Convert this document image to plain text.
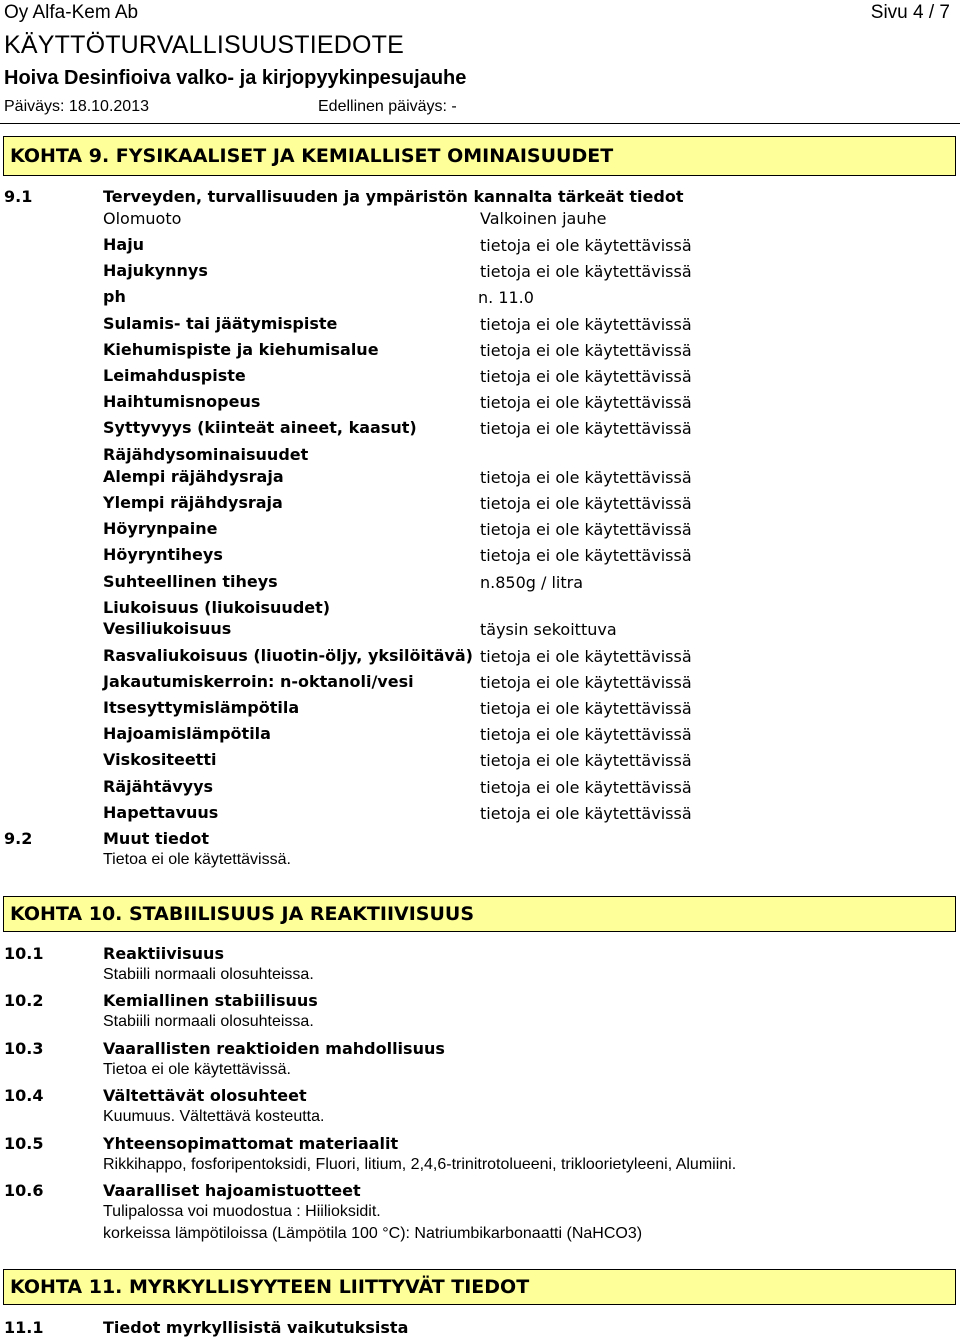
Oy Alfa-Kem Ab	Sivu 4 / 7
KÄYTTÖTURVALLISUUSTIEDOTE
Hoiva Desinfioiva valko- ja kirjopyykinpesujauhe
Päiväys: 18.10.2013	Edellinen päiväys: -
KOHTA 9. FYSIKAALISET JA KEMIALLISET OMINAISUUDET
9.1	Terveyden, turvallisuuden ja ympäristön kannalta tärkeät tiedot
Olomuoto	Valkoinen jauhe
Haju	tietoja ei ole käytettävissä
Hajukynnys	tietoja ei ole käytettävissä
ph	n. 11.0
Sulamis- tai jäätymispiste	tietoja ei ole käytettävissä
Kiehumispiste ja kiehumisalue	tietoja ei ole käytettävissä
Leimahduspiste	tietoja ei ole käytettävissä
Haihtumisnopeus	tietoja ei ole käytettävissä
Syttyvyys (kiinteät aineet, kaasut)	tietoja ei ole käytettävissä
Räjähdysominaisuudet
Alempi räjähdysraja	tietoja ei ole käytettävissä
Ylempi räjähdysraja	tietoja ei ole käytettävissä
Höyrynpaine	tietoja ei ole käytettävissä
Höyryntiheys	tietoja ei ole käytettävissä
Suhteellinen tiheys	n.850g / litra
Liukoisuus (liukoisuudet)
Vesiliukoisuus	täysin sekoittuva
Rasvaliukoisuus (liuotin-öljy, yksilöitävä) tietoja ei ole käytettävissä
Jakautumiskerroin: n-oktanoli/vesi	tietoja ei ole käytettävissä
Itsesyttymislämpötila	tietoja ei ole käytettävissä
Hajoamislämpötila	tietoja ei ole käytettävissä
Viskositeetti	tietoja ei ole käytettävissä
Räjähtävyys	tietoja ei ole käytettävissä
Hapettavuus	tietoja ei ole käytettävissä
9.2	Muut tiedot
Tietoa ei ole käytettävissä.
KOHTA 10. STABIILISUUS JA REAKTIIVISUUS
10.1	Reaktiivisuus
Stabiili normaali olosuhteissa.
10.2	Kemiallinen stabiilisuus
Stabiili normaali olosuhteissa.
10.3	Vaarallisten reaktioiden mahdollisuus
Tietoa ei ole käytettävissä.
10.4	Vältettävät olosuhteet
Kuumuus. Vältettävä kosteutta.
10.5	Yhteensopimattomat materiaalit
Rikkihappo, fosforipentoksidi, Fluori, litium, 2,4,6-trinitrotolueeni, trikloorietyleeni, Alumiini.
10.6	Vaaralliset hajoamistuotteet
Tulipalossa voi muodostua : Hiilioksidit.
korkeissa lämpötiloissa (Lämpötila 100 °C): Natriumbikarbonaatti (NaHCO3)
KOHTA 11. MYRKYLLISYYTEEN LIITTYVÄT TIEDOT
11.1	Tiedot myrkyllisistä vaikutuksista
